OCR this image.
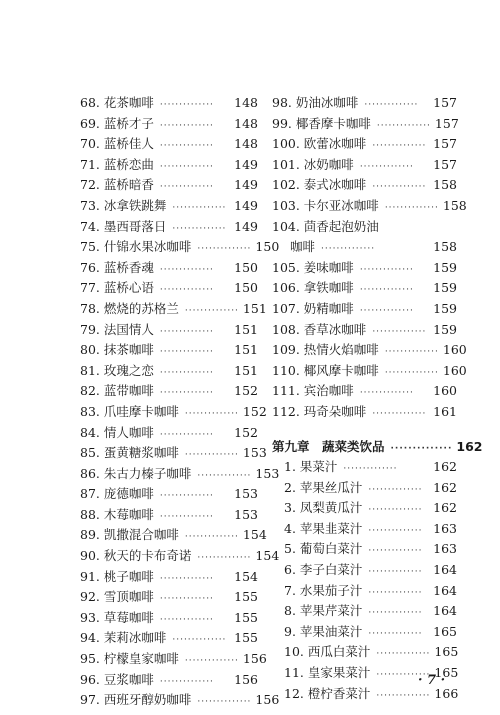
68. 花茶咖啡 ··············	148
69. 蓝桥才子 ··············	148
70. 蓝桥佳人 ··············	148
71. 蓝桥恋曲 ··············	149
72. 蓝桥暗香 ··············	149
73. 冰拿铁跳舞 ·············· 149
74. 墨西哥落日 ·············· 149
75. 什锦水果冰咖啡 ·············· 150
76. 蓝桥香魂 ··············	150
77. 蓝桥心语 ··············	150
78. 燃烧的苏格兰 ·············· 151
79. 法国情人 ··············	151
80. 抹茶咖啡 ··············	151
81. 玫瑰之恋 ··············	151
82. 蓝带咖啡 ··············	152
83. 爪哇摩卡咖啡 ·············· 152
84. 情人咖啡 ··············	152
85. 蛋黄糖浆咖啡 ·············· 153
86. 朱古力榛子咖啡 ·············· 153
87. 庞德咖啡 ··············	153
88. 木莓咖啡 ··············	153
89. 凯撒混合咖啡 ·············· 154
90. 秋天的卡布奇诺 ·············· 154
91. 桃子咖啡 ··············	154
92. 雪顶咖啡 ··············	155
93. 草莓咖啡 ··············	155
94. 茉莉冰咖啡 ·············· 155
95. 柠檬皇家咖啡 ·············· 156
96. 豆浆咖啡 ··············	156
97. 西班牙醇奶咖啡 ·············· 156
98. 奶油冰咖啡 ··············	157
99. 椰香摩卡咖啡 ·············· 157
100. 欧蕾冰咖啡 ·············· 157
101. 冰奶咖啡 ··············	157
102. 泰式冰咖啡 ·············· 158
103. 卡尔亚冰咖啡 ·············· 158
104. 茴香起泡奶油
咖啡 ··············	158
105. 姜味咖啡 ··············	159
106. 拿铁咖啡 ··············	159
107. 奶精咖啡 ··············	159
108. 香草冰咖啡 ·············· 159
109. 热情火焰咖啡 ·············· 160
110. 椰风摩卡咖啡 ·············· 160
111. 宾治咖啡 ··············	160
112. 玛奇朵咖啡 ·············· 161
第九章　蔬菜类饮品 ·············· 162
1. 果菜汁 ··············	162
2. 苹果丝瓜汁 ·············· 162
3. 凤梨黄瓜汁 ·············· 162
4. 苹果韭菜汁 ·············· 163
5. 葡萄白菜汁 ·············· 163
6. 李子白菜汁 ·············· 164
7. 水果茄子汁 ·············· 164
8. 苹果芹菜汁 ·············· 164
9. 苹果油菜汁 ·············· 165
10. 西瓜白菜汁 ·············· 165
11. 皇家果菜汁 ·············· 165
12. 橙柠香菜汁 ·············· 166
· 7 ·
